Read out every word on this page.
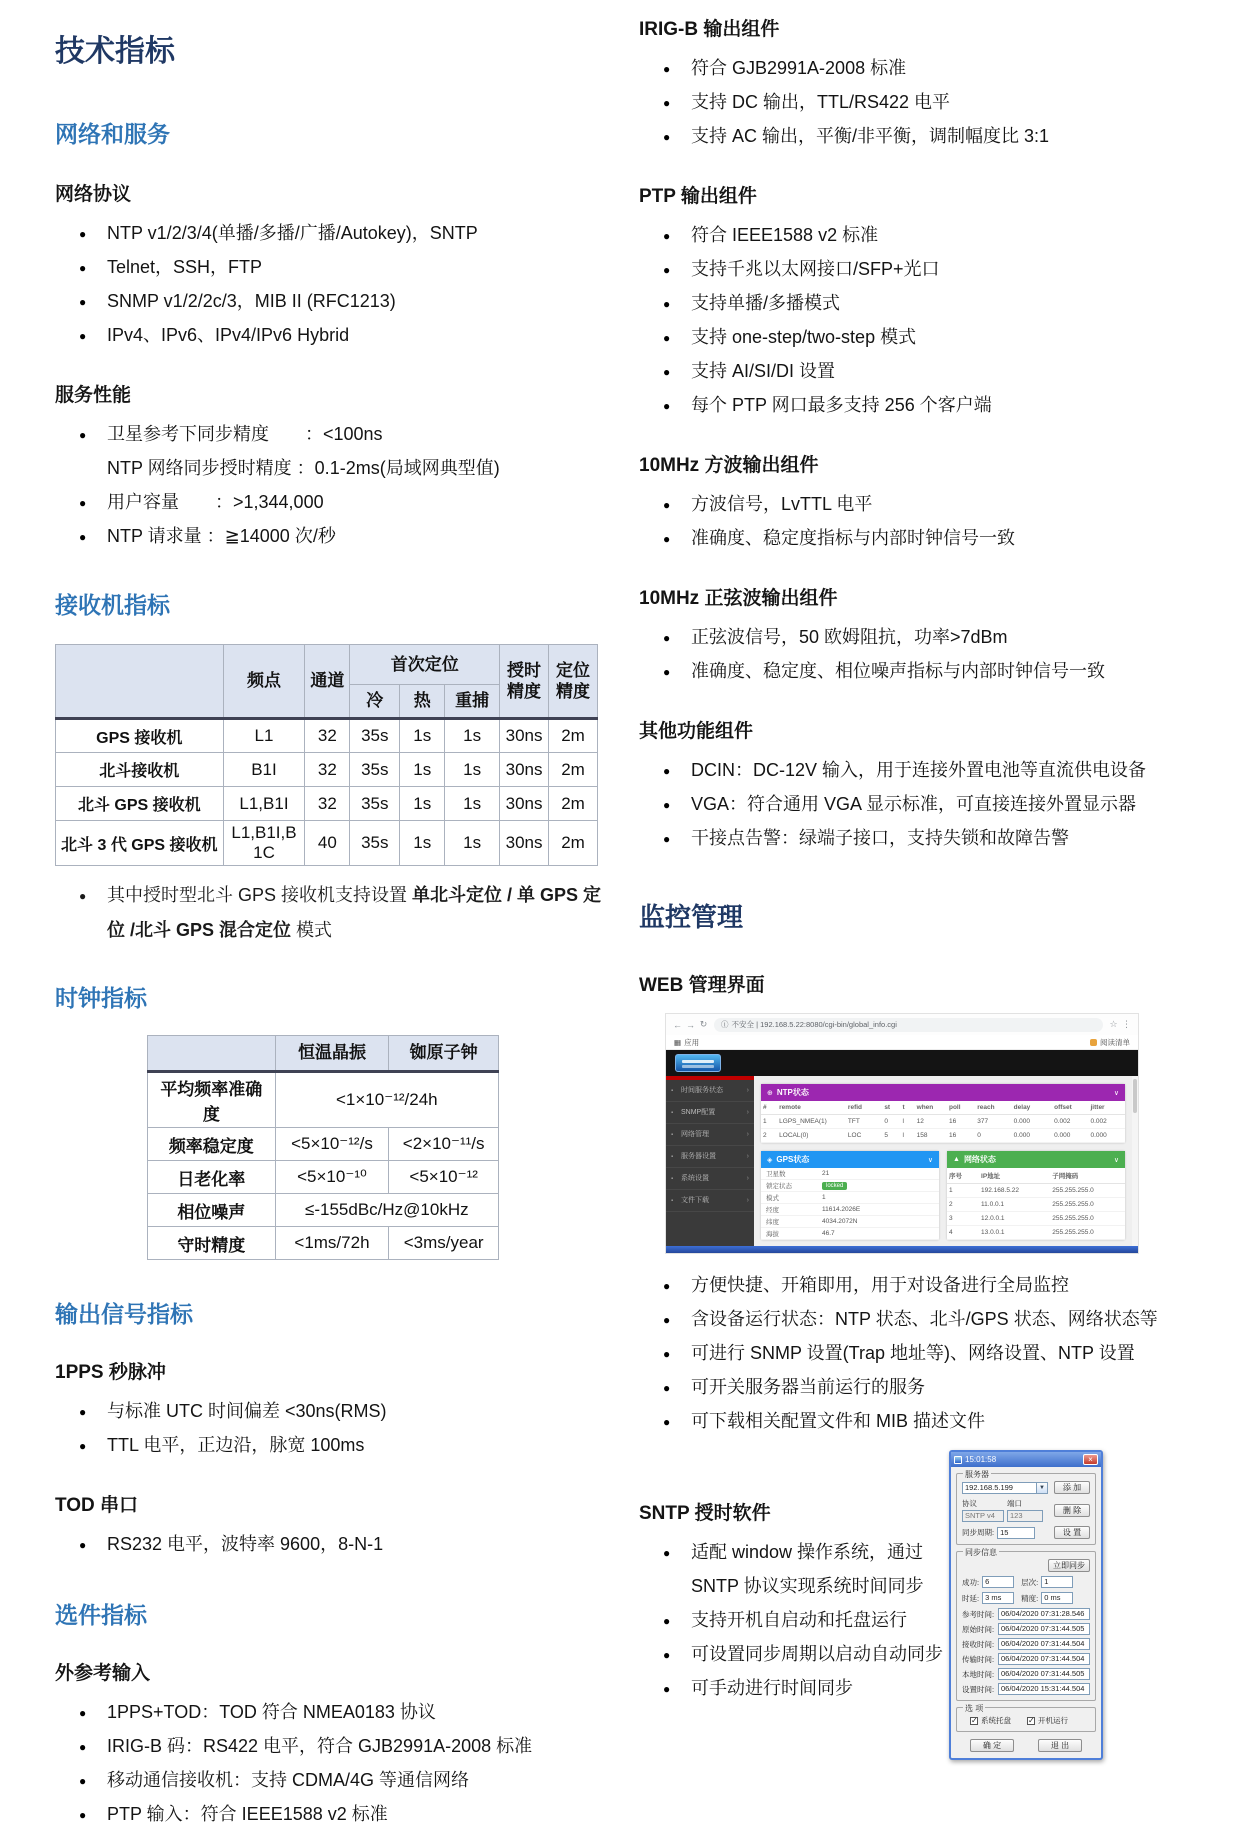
技术指标
网络和服务
网络协议
● NTP v1/2/3/4(单播/多播/广播/Autokey)，SNTP
● Telnet，SSH，FTP
● SNMP v1/2/2c/3，MIB II (RFC1213)
● IPv4、IPv6、IPv4/IPv6 Hybrid
服务性能
● 卫星参考下同步精度　　：<100ns
NTP 网络同步授时精度 ：0.1-2ms(局域网典型值)
● 用户容量　　：>1,344,000
● NTP 请求量 ：≧14000 次/秒
接收机指标
	频点	通道	首次定位			授时精度	定位精度
			冷	热	重捕		
GPS 接收机	L1	32	35s	1s	1s	30ns	2m
北斗接收机	B1I	32	35s	1s	1s	30ns	2m
北斗 GPS 接收机	L1,B1I	32	35s	1s	1s	30ns	2m
北斗 3 代 GPS 接收机	L1,B1I,B1C	40	35s	1s	1s	30ns	2m
● 其中授时型北斗 GPS 接收机支持设置 单北斗定位 / 单 GPS 定位 /北斗 GPS 混合定位 模式
时钟指标
	恒温晶振	铷原子钟
平均频率准确度	<1×10⁻¹²/24h	
频率稳定度	<5×10⁻¹²/s	<2×10⁻¹¹/s
日老化率	<5×10⁻¹⁰	<5×10⁻¹²
相位噪声	≤-155dBc/Hz@10kHz	
守时精度	<1ms/72h	<3ms/year
输出信号指标
1PPS 秒脉冲
● 与标准 UTC 时间偏差 <30ns(RMS)
● TTL 电平，正边沿，脉宽 100ms
TOD 串口
● RS232 电平，波特率 9600，8-N-1
选件指标
外参考输入
● 1PPS+TOD：TOD 符合 NMEA0183 协议
● IRIG-B 码：RS422 电平，符合 GJB2991A-2008 标准
● 移动通信接收机：支持 CDMA/4G 等通信网络
● PTP 输入：符合 IEEE1588 v2 标准
IRIG-B 输出组件
● 符合 GJB2991A-2008 标准
● 支持 DC 输出，TTL/RS422 电平
● 支持 AC 输出，平衡/非平衡，调制幅度比 3:1
PTP 输出组件
● 符合 IEEE1588 v2 标准
● 支持千兆以太网接口/SFP+光口
● 支持单播/多播模式
● 支持 one-step/two-step 模式
● 支持 AI/SI/DI 设置
● 每个 PTP 网口最多支持 256 个客户端
10MHz 方波输出组件
● 方波信号，LvTTL 电平
● 准确度、稳定度指标与内部时钟信号一致
10MHz 正弦波输出组件
● 正弦波信号，50 欧姆阻抗，功率>7dBm
● 准确度、稳定度、相位噪声指标与内部时钟信号一致
其他功能组件
● DCIN：DC-12V 输入，用于连接外置电池等直流供电设备
● VGA：符合通用 VGA 显示标准，可直接连接外置显示器
● 干接点告警：绿端子接口，支持失锁和故障告警
监控管理
WEB 管理界面
← → ↻	ⓘ 不安全 | 192.168.5.22:8080/cgi-bin/global_info.cgi	☆ ⋮
▦ 应用	阅读清单
▪ 时间服务状态 ›
▪ SNMP配置 ›
▪ 网络管理 ›
▪ 服务器设置 ›
▪ 系统设置 ›
▪ 文件下载 ›
⊕ NTP状态	∨
#	remote	refid	st	t	when	poll	reach	delay	offset	jitter
1	LGPS_NMEA(1)	TFT	0	l	12	16	377	0.000	0.002	0.002
2	LOCAL(0)	LOC	5	l	158	16	0	0.000	0.000	0.000
◈ GPS状态	∨
卫星数	21
锁定状态	locked
模式	1
经度	11614.2026E
纬度	4034.2072N
海拔	46.7
▲ 网络状态	∨
序号	IP地址	子网掩码
1	192.168.5.22	255.255.255.0
2	11.0.0.1	255.255.255.0
3	12.0.0.1	255.255.255.0
4	13.0.0.1	255.255.255.0
● 方便快捷、开箱即用，用于对设备进行全局监控
● 含设备运行状态：NTP 状态、北斗/GPS 状态、网络状态等
● 可进行 SNMP 设置(Trap 地址等)、网络设置、NTP 设置
● 可开关服务器当前运行的服务
● 可下载相关配置文件和 MIB 描述文件
SNTP 授时软件
● 适配 window 操作系统，通过 SNTP 协议实现系统时间同步
● 支持开机自启动和托盘运行
● 可设置同步周期以启动自动同步
● 可手动进行时间同步
15:01:58	×
服务器
192.168.5.199	▼	添 加
协议
SNTP v4
端口
123
删 除
同步周期: 15	设 置
同步信息
立即同步
成功: 6	层次: 1
时延: 3 ms	精度: 0 ms
参考时间: 06/04/2020 07:31:28.546
原始时间: 06/04/2020 07:31:44.505
接收时间: 06/04/2020 07:31:44.504
传输时间: 06/04/2020 07:31:44.504
本地时间: 06/04/2020 07:31:44.505
设置时间: 06/04/2020 15:31:44.504
选 项
✓
系统托盘 ✓	开机运行
确 定	退 出
